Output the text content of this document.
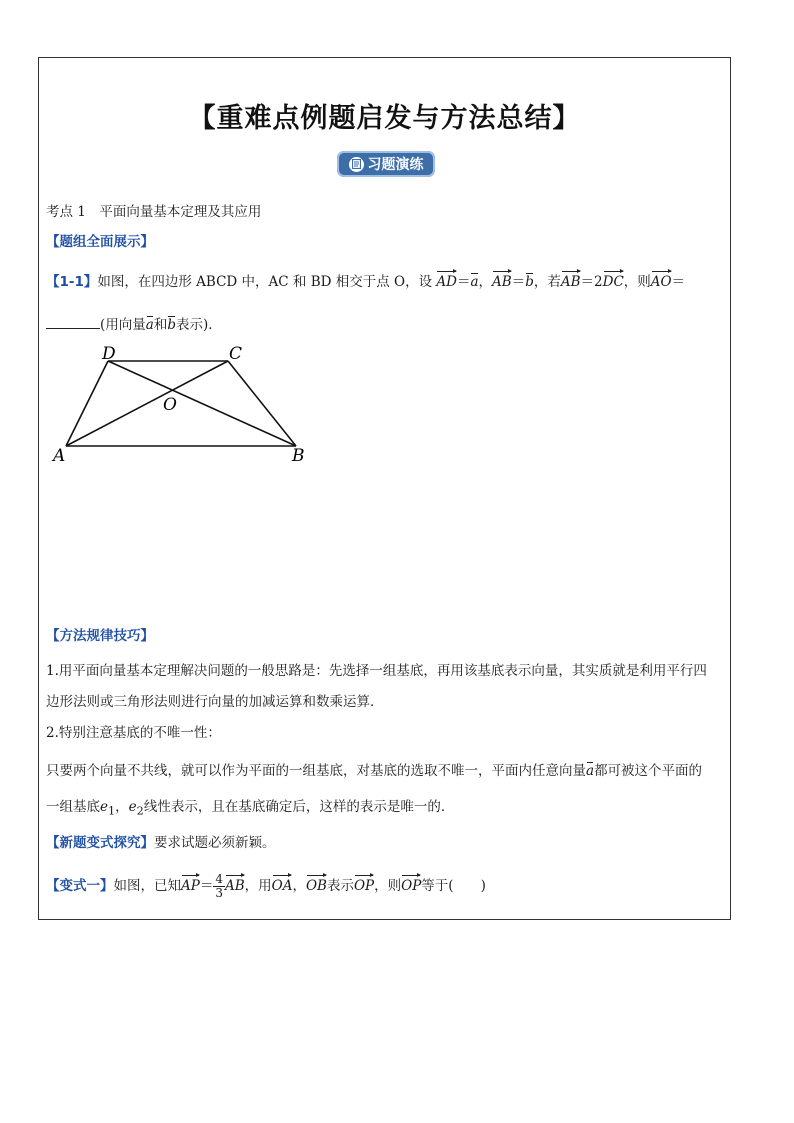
【重难点例题启发与方法总结】
习题演练
考点 1　平面向量基本定理及其应用
【题组全面展示】
【1-1】如图，在四边形 ABCD 中，AC 和 BD 相交于点 O，设 AD＝a，AB＝b，若AB＝2DC，则AO＝
(用向量a和b表示)．
D	C
O
A	B
【方法规律技巧】
1.用平面向量基本定理解决问题的一般思路是：先选择一组基底，再用该基底表示向量，其实质就是利用平行四
边形法则或三角形法则进行向量的加减运算和数乘运算．
2.特别注意基底的不唯一性：
只要两个向量不共线，就可以作为平面的一组基底，对基底的选取不唯一，平面内任意向量a都可被这个平面的
一组基底$e_1$，$e_2$线性表示，且在基底确定后，这样的表示是唯一的．
【新题变式探究】要求试题必须新颖。
【变式一】如图，已知$AP= \frac{4}{3}$ AB，用OA，OB表示OP，则OP等于(　　)
